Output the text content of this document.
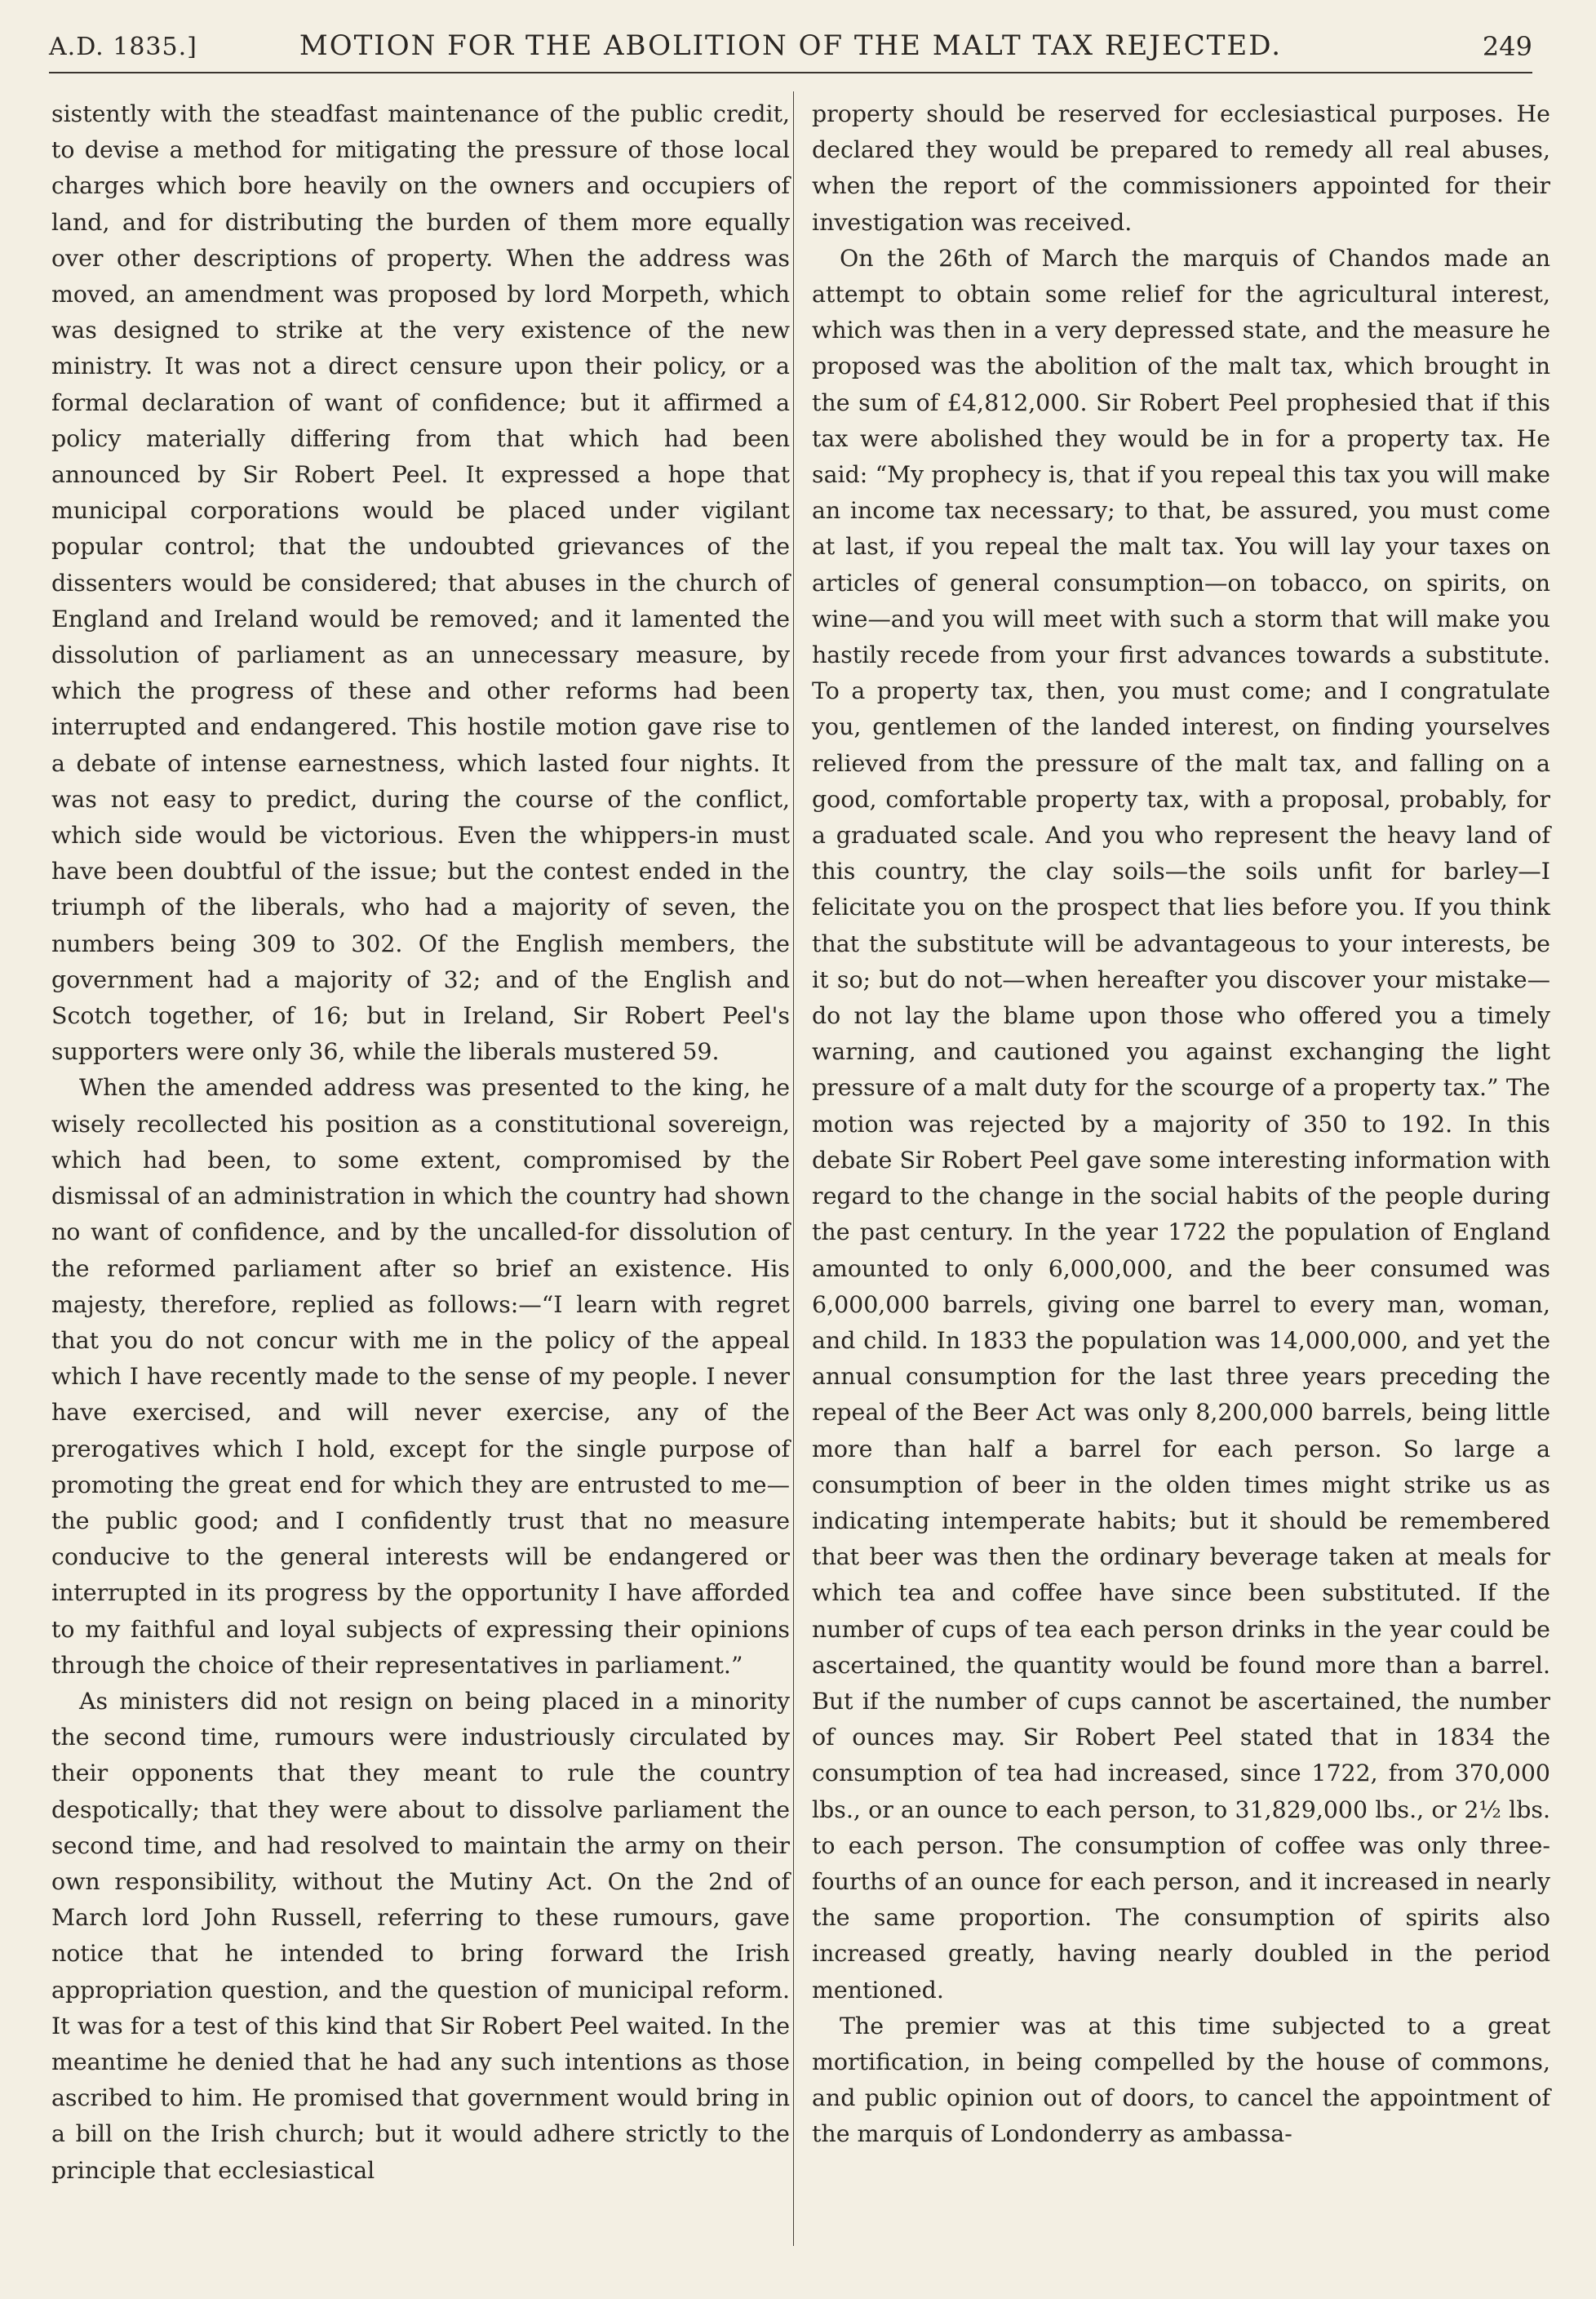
A.D. 1835.]	MOTION FOR THE ABOLITION OF THE MALT TAX REJECTED.	249

sistently with the steadfast maintenance of the public credit, to devise a method for mitigating the pressure of those local charges which bore heavily on the owners and occupiers of land, and for distributing the burden of them more equally over other descriptions of property. When the address was moved, an amendment was proposed by lord Morpeth, which was designed to strike at the very existence of the new ministry. It was not a direct censure upon their policy, or a formal declaration of want of confidence; but it affirmed a policy materially differing from that which had been announced by Sir Robert Peel. It expressed a hope that municipal corporations would be placed under vigilant popular control; that the undoubted grievances of the dissenters would be considered; that abuses in the church of England and Ireland would be removed; and it lamented the dissolution of parliament as an unnecessary measure, by which the progress of these and other reforms had been interrupted and endangered. This hostile motion gave rise to a debate of intense earnestness, which lasted four nights. It was not easy to predict, during the course of the conflict, which side would be victorious. Even the whippers-in must have been doubtful of the issue; but the contest ended in the triumph of the liberals, who had a majority of seven, the numbers being 309 to 302. Of the English members, the government had a majority of 32; and of the English and Scotch together, of 16; but in Ireland, Sir Robert Peel's supporters were only 36, while the liberals mustered 59.

When the amended address was presented to the king, he wisely recollected his position as a constitutional sovereign, which had been, to some extent, compromised by the dismissal of an administration in which the country had shown no want of confidence, and by the uncalled-for dissolution of the reformed parliament after so brief an existence. His majesty, therefore, replied as follows:—“I learn with regret that you do not concur with me in the policy of the appeal which I have recently made to the sense of my people. I never have exercised, and will never exercise, any of the prerogatives which I hold, except for the single purpose of promoting the great end for which they are entrusted to me—the public good; and I confidently trust that no measure conducive to the general interests will be endangered or interrupted in its progress by the opportunity I have afforded to my faithful and loyal subjects of expressing their opinions through the choice of their representatives in parliament.”

As ministers did not resign on being placed in a minority the second time, rumours were industriously circulated by their opponents that they meant to rule the country despotically; that they were about to dissolve parliament the second time, and had resolved to maintain the army on their own responsibility, without the Mutiny Act. On the 2nd of March lord John Russell, referring to these rumours, gave notice that he intended to bring forward the Irish appropriation question, and the question of municipal reform. It was for a test of this kind that Sir Robert Peel waited. In the meantime he denied that he had any such intentions as those ascribed to him. He promised that government would bring in a bill on the Irish church; but it would adhere strictly to the principle that ecclesiastical

property should be reserved for ecclesiastical purposes. He declared they would be prepared to remedy all real abuses, when the report of the commissioners appointed for their investigation was received.

On the 26th of March the marquis of Chandos made an attempt to obtain some relief for the agricultural interest, which was then in a very depressed state, and the measure he proposed was the abolition of the malt tax, which brought in the sum of £4,812,000. Sir Robert Peel prophesied that if this tax were abolished they would be in for a property tax. He said: “My prophecy is, that if you repeal this tax you will make an income tax necessary; to that, be assured, you must come at last, if you repeal the malt tax. You will lay your taxes on articles of general consumption—on tobacco, on spirits, on wine—and you will meet with such a storm that will make you hastily recede from your first advances towards a substitute. To a property tax, then, you must come; and I congratulate you, gentlemen of the landed interest, on finding yourselves relieved from the pressure of the malt tax, and falling on a good, comfortable property tax, with a proposal, probably, for a graduated scale. And you who represent the heavy land of this country, the clay soils—the soils unfit for barley—I felicitate you on the prospect that lies before you. If you think that the substitute will be advantageous to your interests, be it so; but do not—when hereafter you discover your mistake—do not lay the blame upon those who offered you a timely warning, and cautioned you against exchanging the light pressure of a malt duty for the scourge of a property tax.” The motion was rejected by a majority of 350 to 192. In this debate Sir Robert Peel gave some interesting information with regard to the change in the social habits of the people during the past century. In the year 1722 the population of England amounted to only 6,000,000, and the beer consumed was 6,000,000 barrels, giving one barrel to every man, woman, and child. In 1833 the population was 14,000,000, and yet the annual consumption for the last three years preceding the repeal of the Beer Act was only 8,200,000 barrels, being little more than half a barrel for each person. So large a consumption of beer in the olden times might strike us as indicating intemperate habits; but it should be remembered that beer was then the ordinary beverage taken at meals for which tea and coffee have since been substituted. If the number of cups of tea each person drinks in the year could be ascertained, the quantity would be found more than a barrel. But if the number of cups cannot be ascertained, the number of ounces may. Sir Robert Peel stated that in 1834 the consumption of tea had increased, since 1722, from 370,000 lbs., or an ounce to each person, to 31,829,000 lbs., or 2½ lbs. to each person. The consumption of coffee was only three-fourths of an ounce for each person, and it increased in nearly the same proportion. The consumption of spirits also increased greatly, having nearly doubled in the period mentioned.

The premier was at this time subjected to a great mortification, in being compelled by the house of commons, and public opinion out of doors, to cancel the appointment of the marquis of Londonderry as ambassa-
